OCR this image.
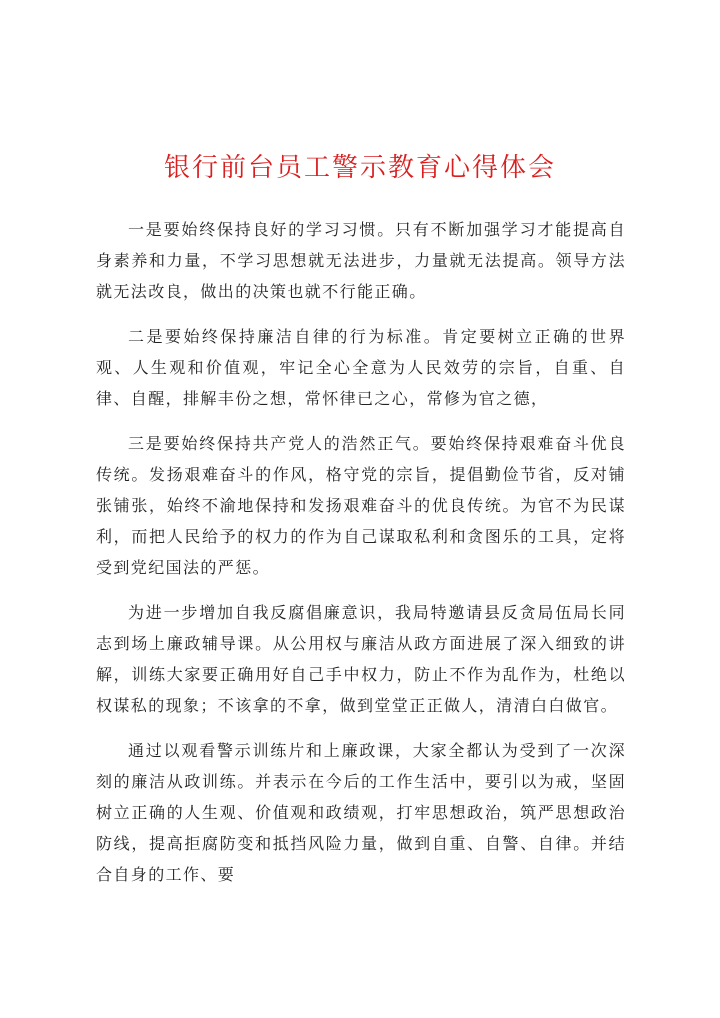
银行前台员工警示教育心得体会

一是要始终保持良好的学习习惯。只有不断加强学习才能提高自身素养和力量，不学习思想就无法进步，力量就无法提高。领导方法就无法改良，做出的决策也就不行能正确。

二是要始终保持廉洁自律的行为标准。肯定要树立正确的世界观、人生观和价值观，牢记全心全意为人民效劳的宗旨，自重、自律、自醒，排解丰份之想，常怀律已之心，常修为官之德，

三是要始终保持共产党人的浩然正气。要始终保持艰难奋斗优良传统。发扬艰难奋斗的作风，格守党的宗旨，提倡勤俭节省，反对铺张铺张，始终不渝地保持和发扬艰难奋斗的优良传统。为官不为民谋利，而把人民给予的权力的作为自己谋取私利和贪图乐的工具，定将受到党纪国法的严惩。

为进一步增加自我反腐倡廉意识，我局特邀请县反贪局伍局长同志到场上廉政辅导课。从公用权与廉洁从政方面进展了深入细致的讲解，训练大家要正确用好自己手中权力，防止不作为乱作为，杜绝以权谋私的现象；不该拿的不拿，做到堂堂正正做人，清清白白做官。

通过以观看警示训练片和上廉政课，大家全都认为受到了一次深刻的廉洁从政训练。并表示在今后的工作生活中，要引以为戒，坚固树立正确的人生观、价值观和政绩观，打牢思想政治，筑严思想政治防线，提高拒腐防变和抵挡风险力量，做到自重、自警、自律。并结合自身的工作、要
